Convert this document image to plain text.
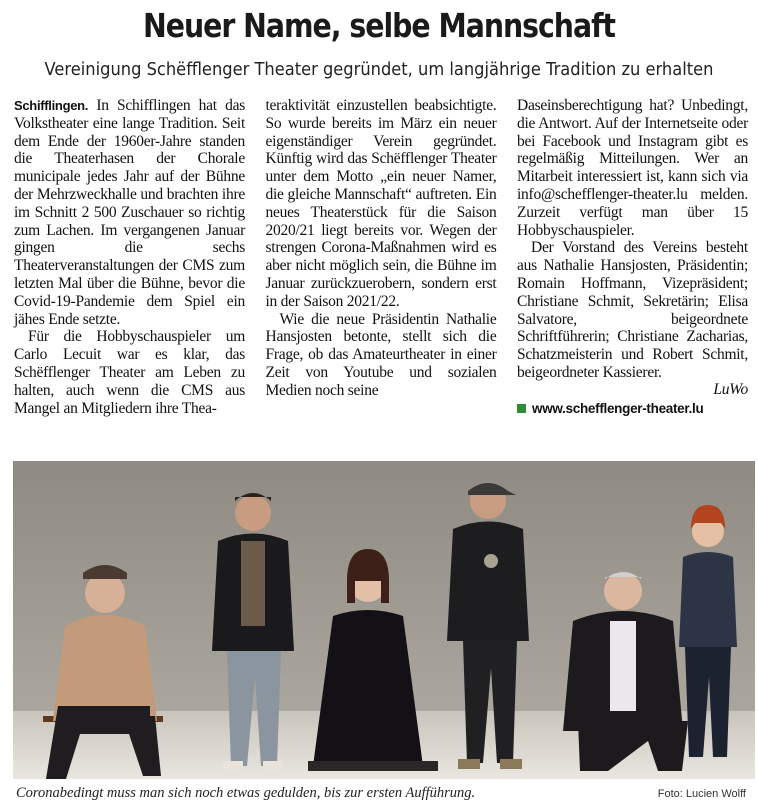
Neuer Name, selbe Mannschaft
Vereinigung Schëfflenger Theater gegründet, um langjährige Tradition zu erhalten

Schifflingen. In Schifflingen hat das Volkstheater eine lange Tradition. Seit dem Ende der 1960er-Jahre standen die Theaterhasen der Chorale municipale jedes Jahr auf der Bühne der Mehrzweckhalle und brachten ihre im Schnitt 2 500 Zuschauer so richtig zum Lachen. Im vergangenen Januar gingen die sechs Theaterveranstaltungen der CMS zum letzten Mal über die Bühne, bevor die Covid-19-Pandemie dem Spiel ein jähes Ende setzte.

Für die Hobbyschauspieler um Carlo Lecuit war es klar, das Schëfflenger Theater am Leben zu halten, auch wenn die CMS aus Mangel an Mitgliedern ihre Thea-

teraktivität einzustellen beabsichtigte. So wurde bereits im März ein neuer eigenständiger Verein gegründet. Künftig wird das Schëfflenger Theater unter dem Motto „ein neuer Namer, die gleiche Mannschaft“ auftreten. Ein neues Theaterstück für die Saison 2020/21 liegt bereits vor. Wegen der strengen Corona-Maßnahmen wird es aber nicht möglich sein, die Bühne im Januar zurückzuerobern, sondern erst in der Saison 2021/22.

Wie die neue Präsidentin Nathalie Hansjosten betonte, stellt sich die Frage, ob das Amateurtheater in einer Zeit von Youtube und sozialen Medien noch seine

Daseinsberechtigung hat? Unbedingt, die Antwort. Auf der Internetseite oder bei Facebook und Instagram gibt es regelmäßig Mitteilungen. Wer an Mitarbeit interessiert ist, kann sich via info@schefflenger-theater.lu melden. Zurzeit verfügt man über 15 Hobbyschauspieler.

Der Vorstand des Vereins besteht aus Nathalie Hansjosten, Präsidentin; Romain Hoffmann, Vizepräsident; Christiane Schmit, Sekretärin; Elisa Salvatore, beigeordnete Schriftführerin; Christiane Zacharias, Schatzmeisterin und Robert Schmit, beigeordneter Kassierer.

LuWo
www.schefflenger-theater.lu

Coronabedingt muss man sich noch etwas gedulden, bis zur ersten Aufführung.	Foto: Lucien Wolff
